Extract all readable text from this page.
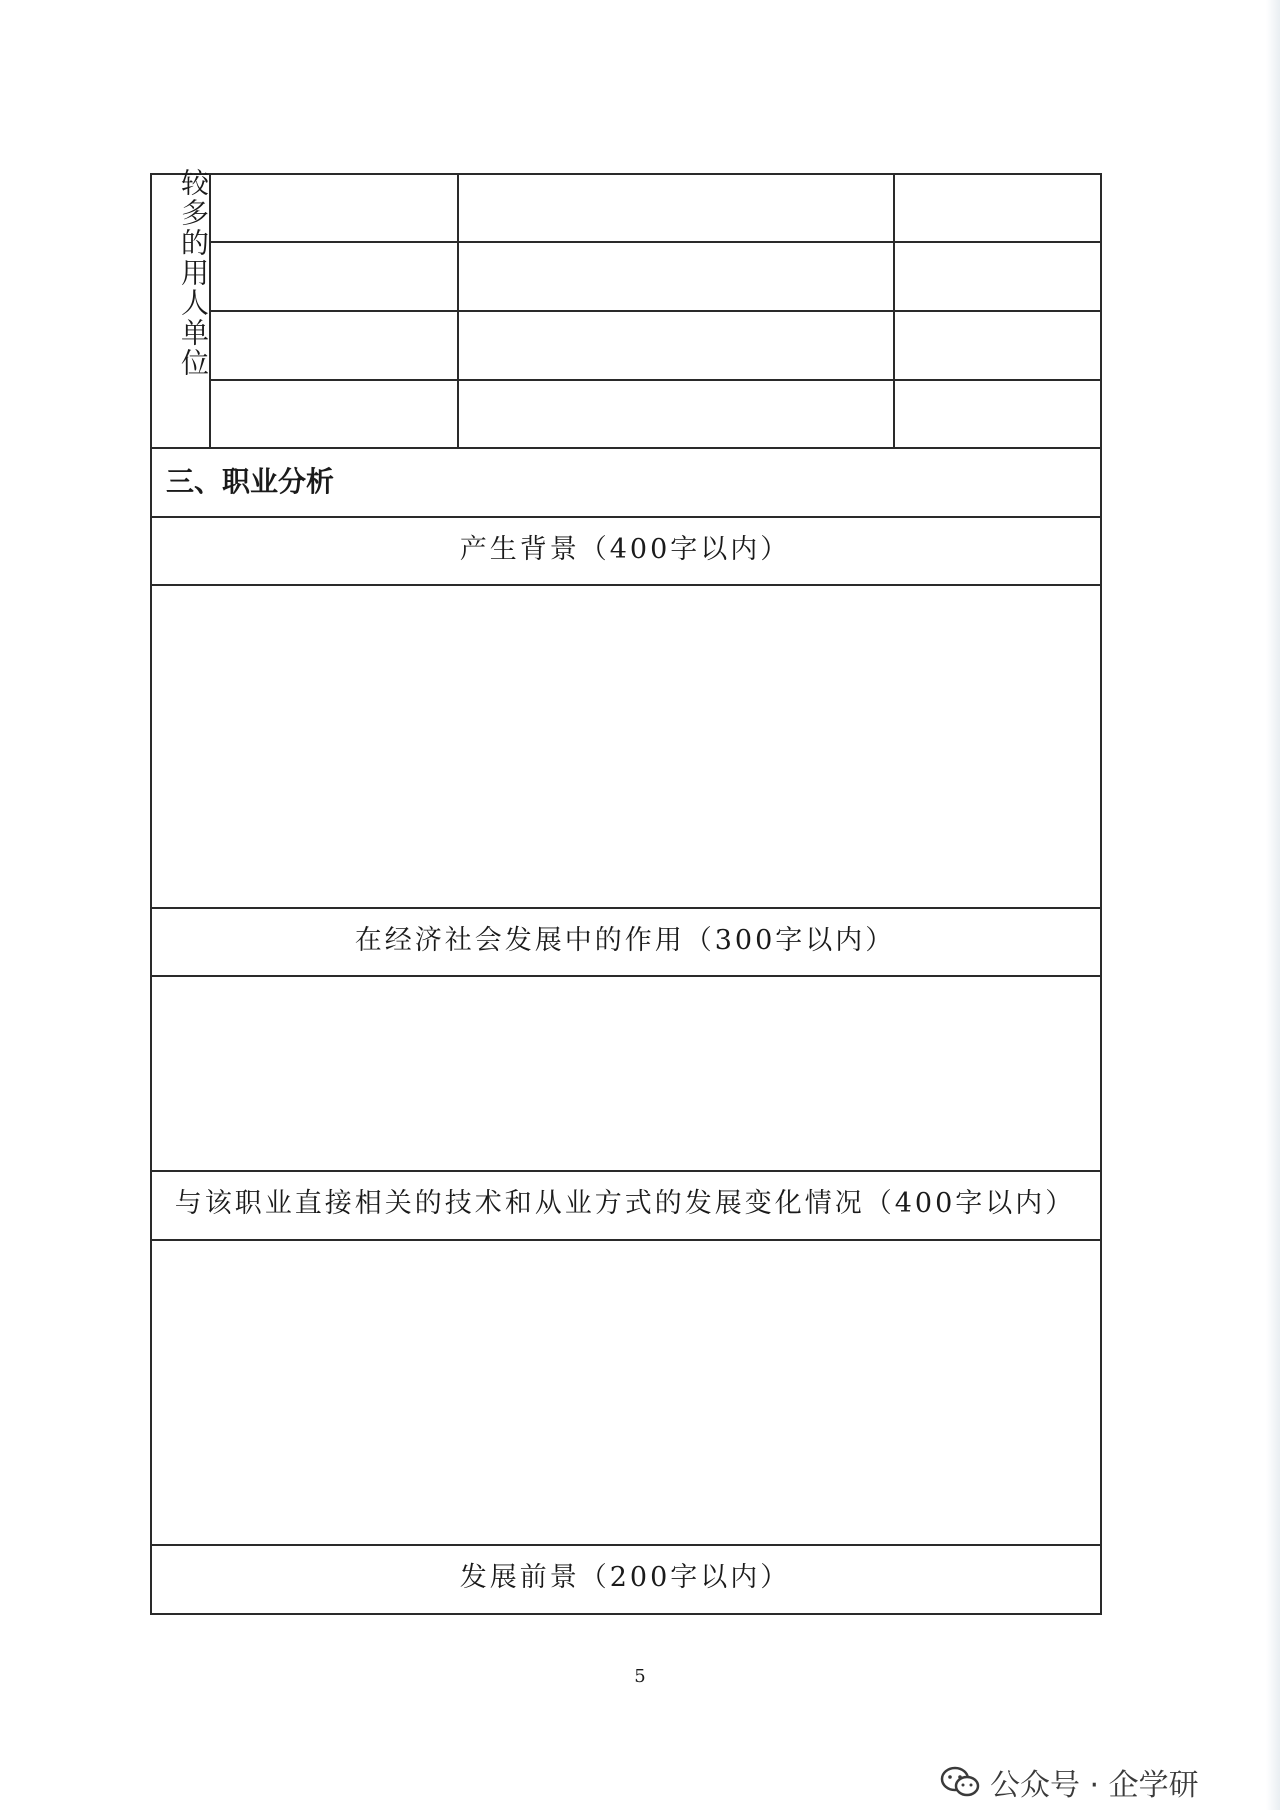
较多的用人单位
三、职业分析
产生背景（400字以内）
在经济社会发展中的作用（300字以内）
与该职业直接相关的技术和从业方式的发展变化情况（400字以内）
发展前景（200字以内）
5
公众号 · 企学研
